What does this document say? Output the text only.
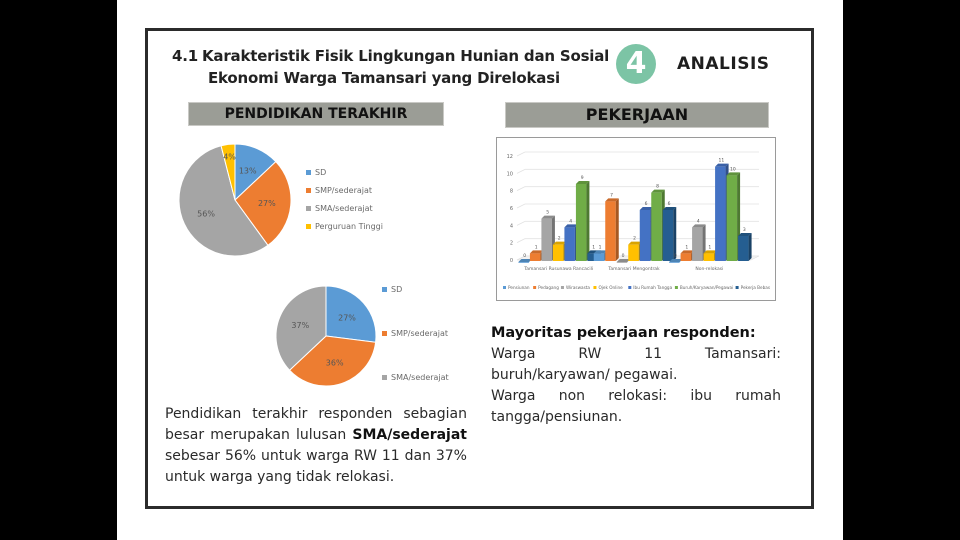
4.1 Karakteristik Fisik Lingkungan Hunian dan Sosial
Ekonomi Warga Tamansari yang Direlokasi	4	ANALISIS
PENDIDIKAN TERAKHIR	PEKERJAAN
13%
27%
56%
4%
SD
SMP/sederajat
SMA/sederajat
Perguruan Tinggi
27%
36%
37%
SD
SMP/sederajat
SMA/sederajat
0
2
4
6
8
10
12
0
1
5
2
4
9
1
Tamansari Rusunawa Rancacili
1
7
0
2
6
8
6
Tamansari Mengontrak
0
1
4
1
11
10
3
Non-relokasi
Pensiunan Pedagang Wiraswasta Ojek Online	Ibu Rumah Tangga Buruh/Karyawan/Pegawai Pekerja Bebas
Pendidikan terakhir responden sebagian besar merupakan lulusan SMA/sederajat sebesar 56% untuk warga RW 11 dan 37% untuk warga yang tidak relokasi.
Mayoritas pekerjaan responden:
Warga RW 11 Tamansari: buruh/karyawan/ pegawai.
Warga non relokasi: ibu rumah tangga/pensiunan.
